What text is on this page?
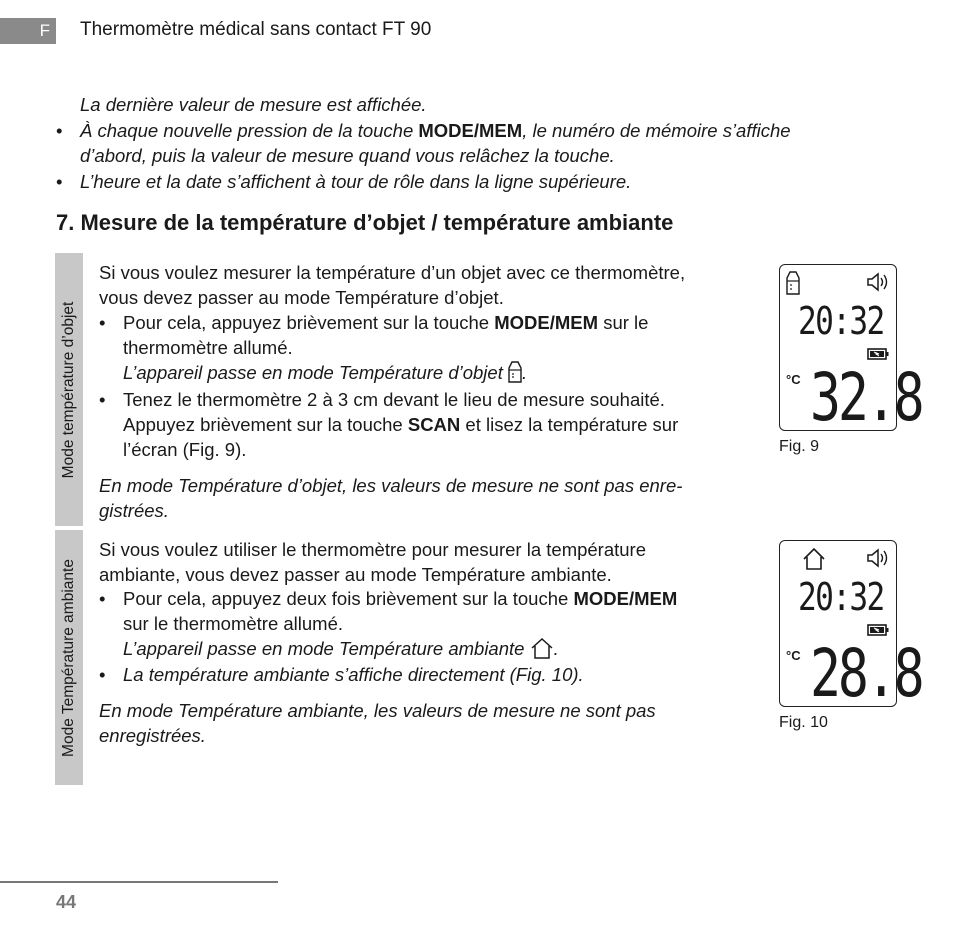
F	Thermomètre médical sans contact FT 90
La dernière valeur de mesure est affichée.
• À chaque nouvelle pression de la touche MODE/MEM, le numéro de mémoire s’affiche
d’abord, puis la valeur de mesure quand vous relâchez la touche.
• L’heure et la date s’affichent à tour de rôle dans la ligne supérieure.
7. Mesure de la température d’objet / température ambiante
Mode température d’objet
Si vous voulez mesurer la température d’un objet avec ce thermomètre,
vous devez passer au mode Température d’objet.
• Pour cela, appuyez brièvement sur la touche MODE/MEM sur le
thermomètre allumé.
L’appareil passe en mode Température d’objet .
• Tenez le thermomètre 2 à 3 cm devant le lieu de mesure souhaité.
Appuyez brièvement sur la touche SCAN et lisez la température sur
l’écran (Fig. 9).
En mode Température d’objet, les valeurs de mesure ne sont pas enre-
gistrées.
20:32
°C 32.8
Fig. 9
Mode Température ambiante
Si vous voulez utiliser le thermomètre pour mesurer la température
ambiante, vous devez passer au mode Température ambiante.
• Pour cela, appuyez deux fois brièvement sur la touche MODE/MEM
sur le thermomètre allumé.
L’appareil passe en mode Température ambiante .
• La température ambiante s’affiche directement (Fig. 10).
En mode Température ambiante, les valeurs de mesure ne sont pas
enregistrées.
20:32
°C 28.8
Fig. 10
44
